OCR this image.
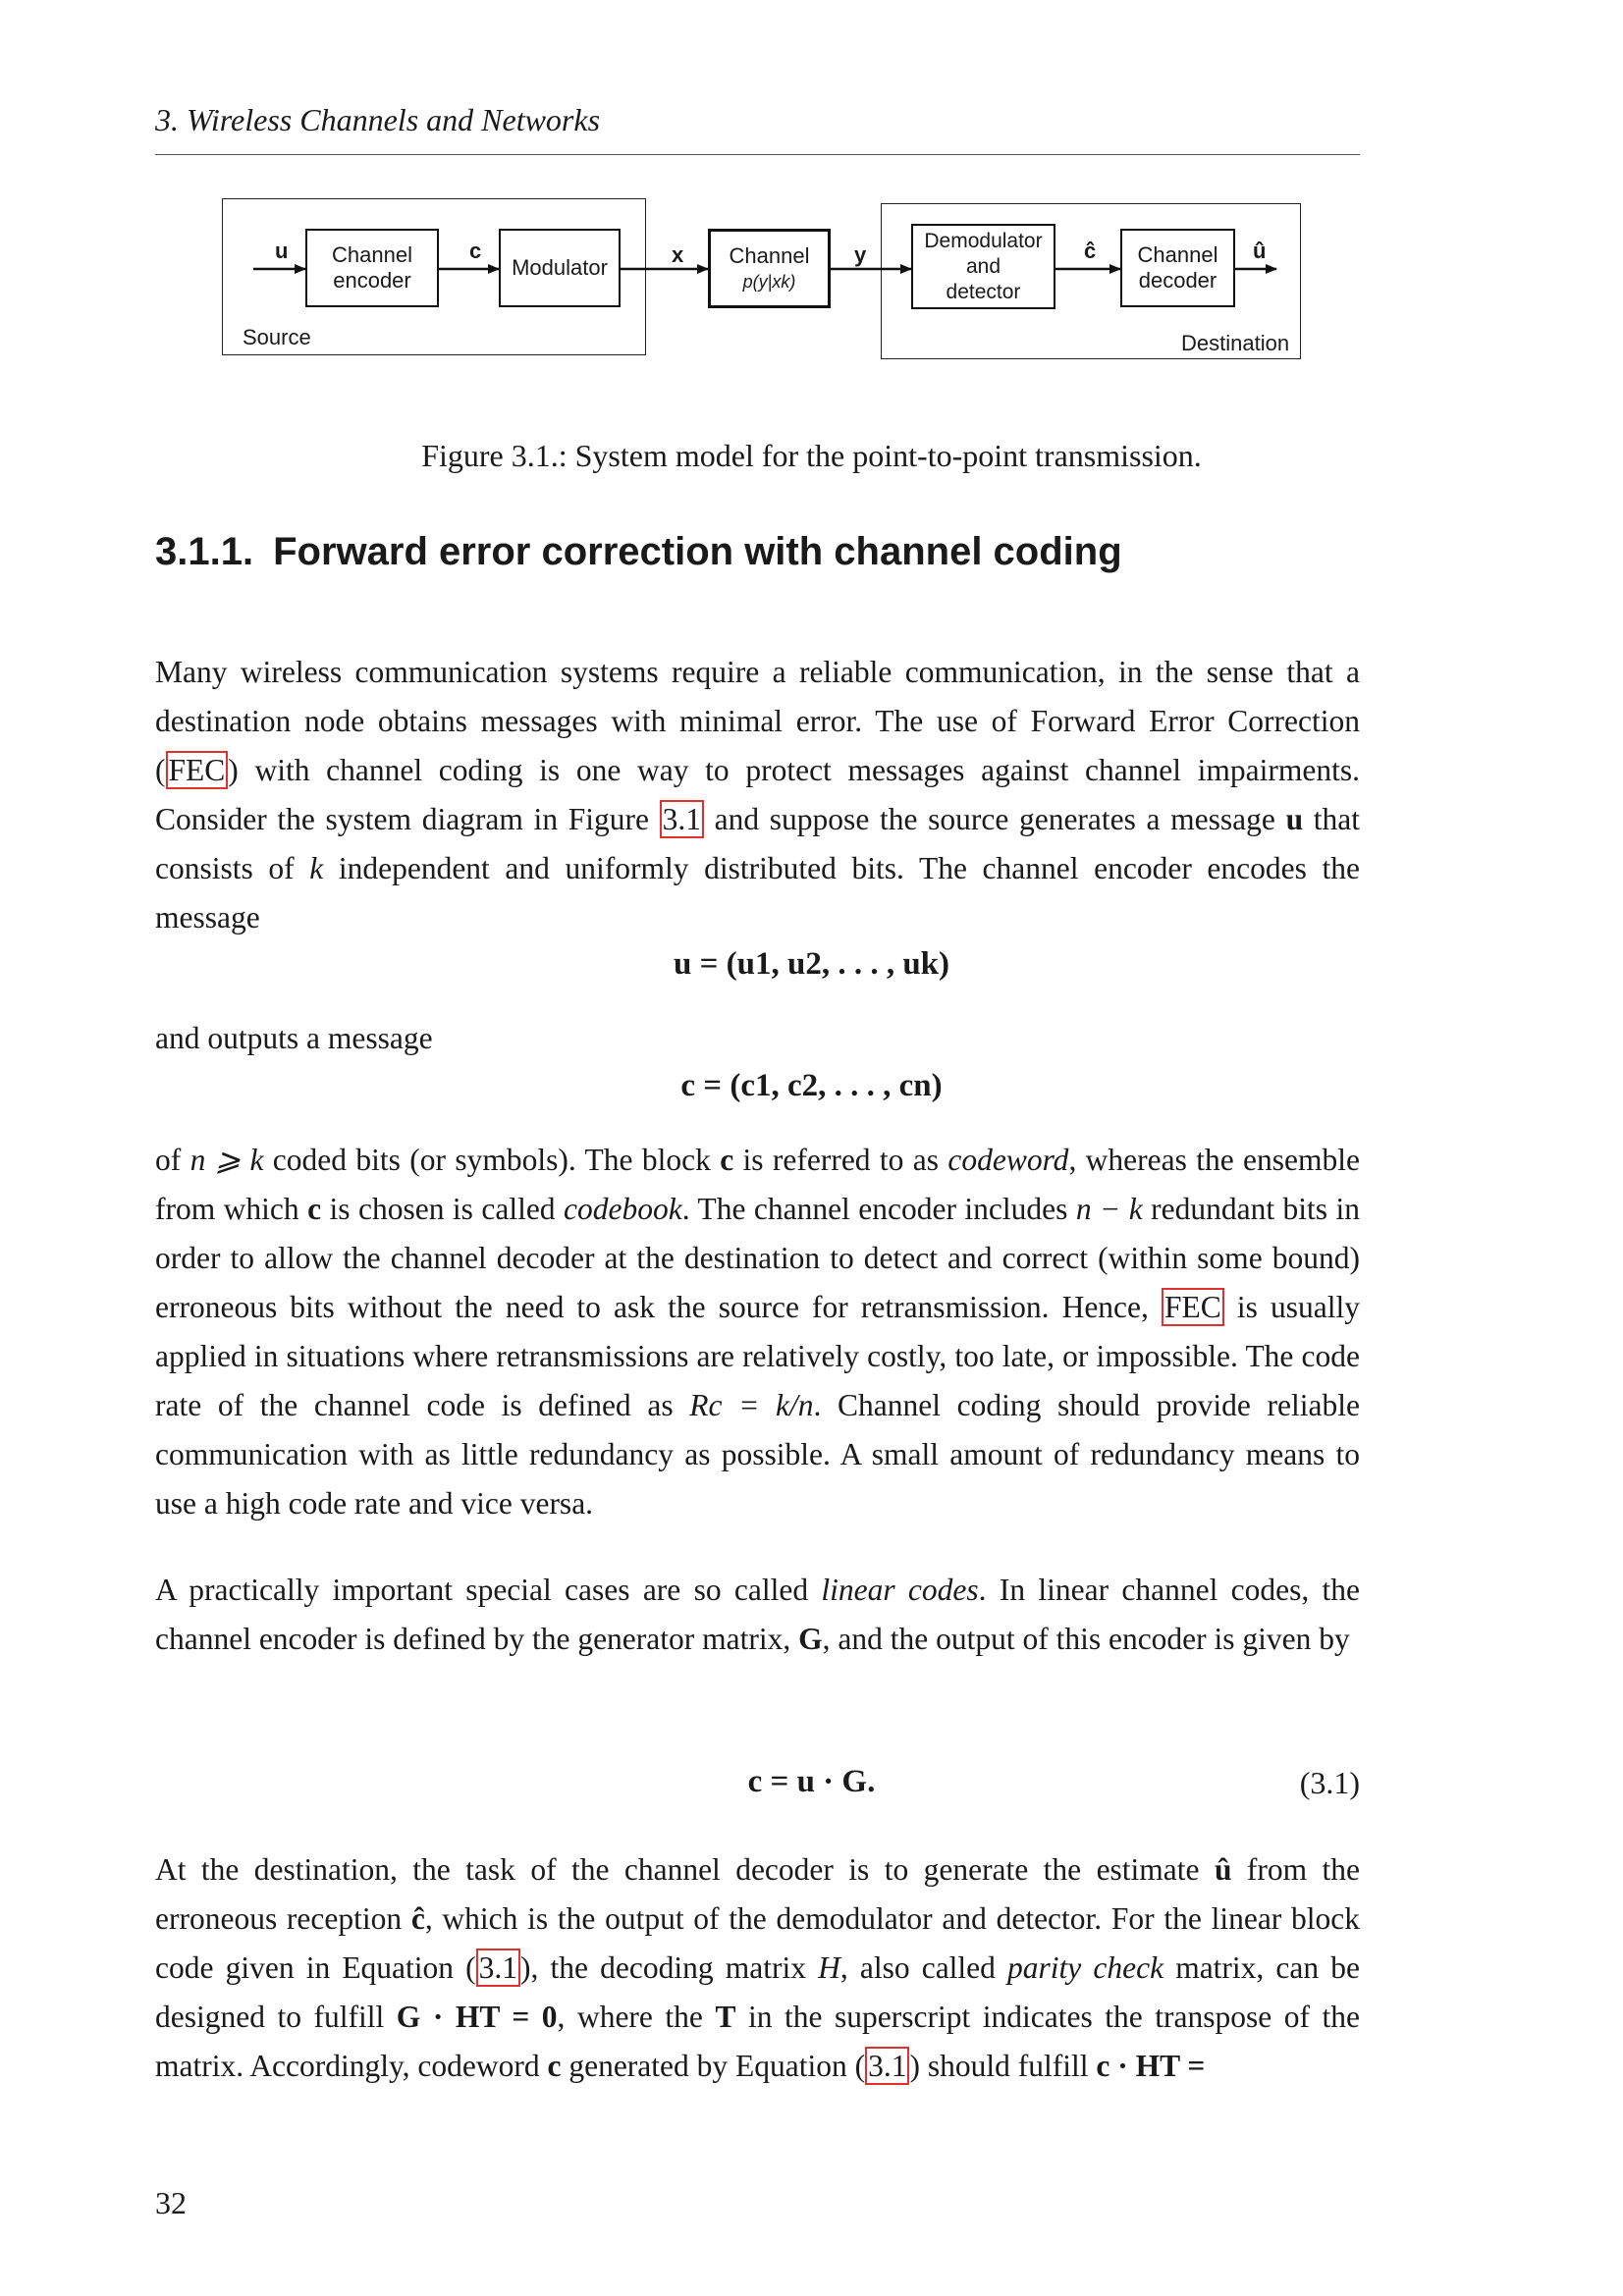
3. Wireless Channels and Networks
Channel
encoder
Modulator	Channel
p(y|xk)
Demodulator
and
detector
Channel
decoder
u	c	x	y	ĉ	û
Source	Destination
Figure 3.1.: System model for the point-to-point transmission.
3.1.1. Forward error correction with channel coding
Many wireless communication systems require a reliable communication, in the sense that a destination node obtains messages with minimal error. The use of Forward Error Correction (FEC) with channel coding is one way to protect messages against channel impairments. Consider the system diagram in Figure 3.1 and suppose the source generates a message u that consists of k independent and uniformly distributed bits. The channel encoder encodes the message
u = (u1, u2, . . . , uk)
and outputs a message
c = (c1, c2, . . . , cn)
of n ⩾ k coded bits (or symbols). The block c is referred to as codeword, whereas the ensemble from which c is chosen is called codebook. The channel encoder includes n − k redundant bits in order to allow the channel decoder at the destination to detect and correct (within some bound) erroneous bits without the need to ask the source for retransmission. Hence, FEC is usually applied in situations where retransmissions are relatively costly, too late, or impossible. The code rate of the channel code is defined as Rc = k/n. Channel coding should provide reliable communication with as little redundancy as possible. A small amount of redundancy means to use a high code rate and vice versa.
A practically important special cases are so called linear codes. In linear channel codes, the channel encoder is defined by the generator matrix, G, and the output of this encoder is given by
c = u · G.	(3.1)
At the destination, the task of the channel decoder is to generate the estimate û from the erroneous reception ĉ, which is the output of the demodulator and detector. For the linear block code given in Equation (3.1), the decoding matrix H, also called parity check matrix, can be designed to fulfill G · HT = 0, where the T in the superscript indicates the transpose of the matrix. Accordingly, codeword c generated by Equation (3.1) should fulfill c · HT =
32
